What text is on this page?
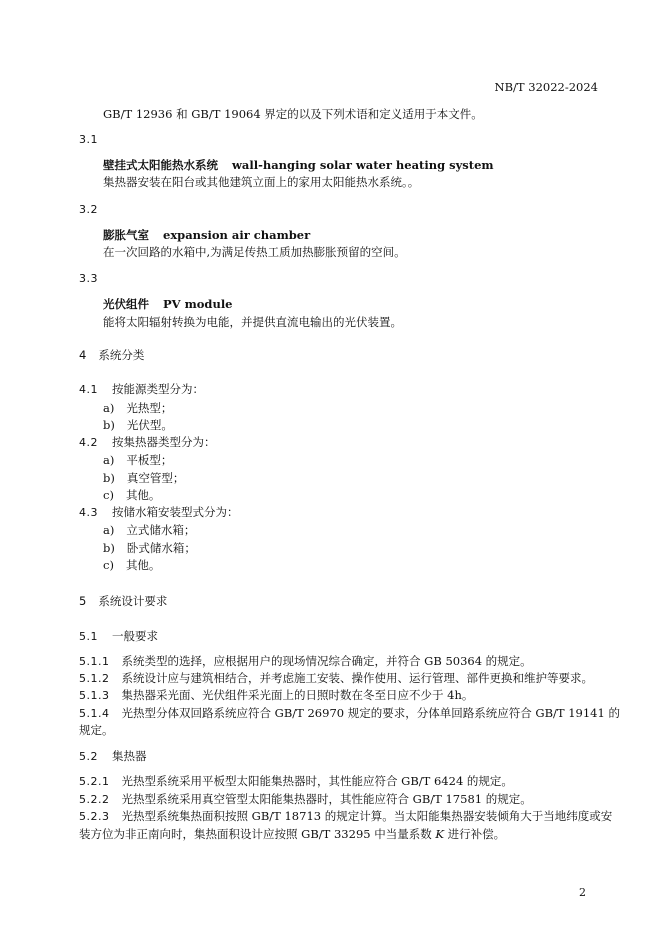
NB/T 32022-2024
GB/T 12936 和 GB/T 19064 界定的以及下列术语和定义适用于本文件。
3.1
壁挂式太阳能热水系统 wall-hanging solar water heating system
集热器安装在阳台或其他建筑立面上的家用太阳能热水系统。。
3.2
膨胀气室 expansion air chamber
在一次回路的水箱中,为满足传热工质加热膨胀预留的空间。
3.3
光伏组件 PV module
能将太阳辐射转换为电能，并提供直流电输出的光伏装置。
4 系统分类
4.1 按能源类型分为：
a) 光热型；
b) 光伏型。
4.2 按集热器类型分为：
a) 平板型；
b) 真空管型；
c) 其他。
4.3 按储水箱安装型式分为：
a) 立式储水箱；
b) 卧式储水箱；
c) 其他。
5 系统设计要求
5.1 一般要求
5.1.1 系统类型的选择，应根据用户的现场情况综合确定，并符合 GB 50364 的规定。
5.1.2 系统设计应与建筑相结合，并考虑施工安装、操作使用、运行管理、部件更换和维护等要求。
5.1.3 集热器采光面、光伏组件采光面上的日照时数在冬至日应不少于 4h。
5.1.4 光热型分体双回路系统应符合 GB/T 26970 规定的要求，分体单回路系统应符合 GB/T 19141 的
规定。
5.2 集热器
5.2.1 光热型系统采用平板型太阳能集热器时，其性能应符合 GB/T 6424 的规定。
5.2.2 光热型系统采用真空管型太阳能集热器时，其性能应符合 GB/T 17581 的规定。
5.2.3 光热型系统集热面积按照 GB/T 18713 的规定计算。当太阳能集热器安装倾角大于当地纬度或安
装方位为非正南向时，集热面积设计应按照 GB/T 33295 中当量系数 K 进行补偿。
2
